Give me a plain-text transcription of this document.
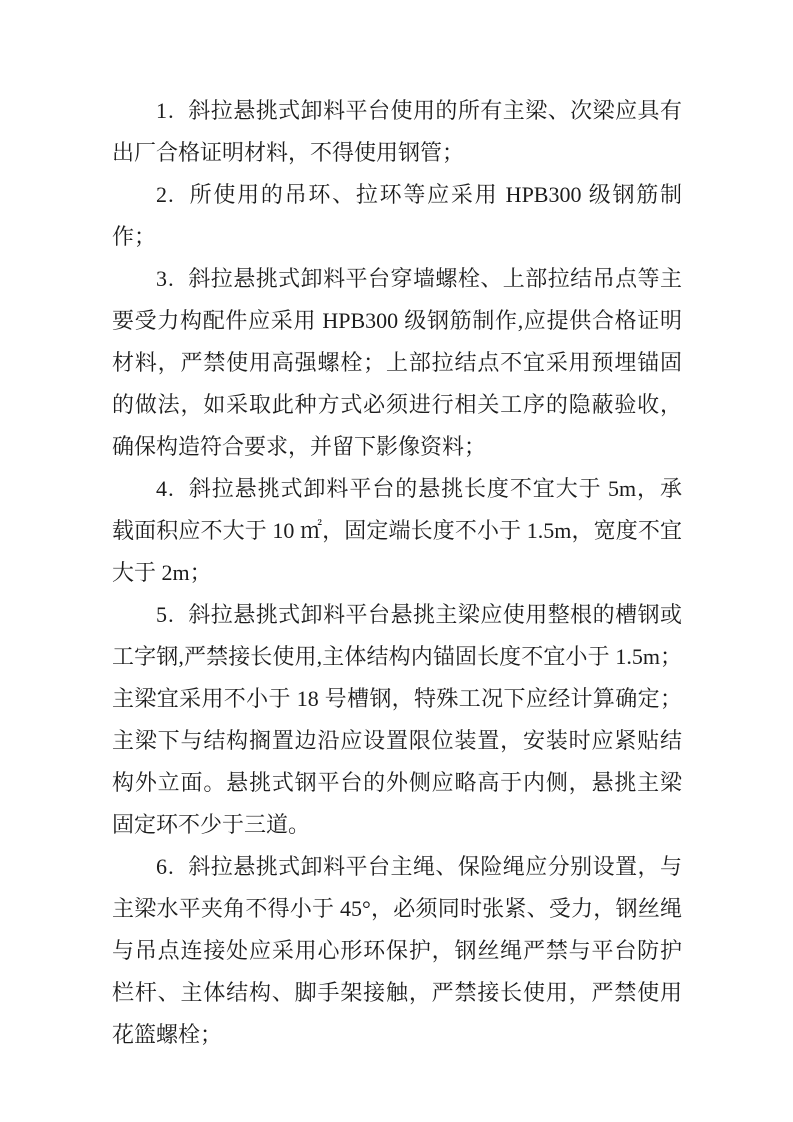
1. 斜拉悬挑式卸料平台使用的所有主梁、次梁应具有出厂合格证明材料，不得使用钢管；

2. 所使用的吊环、拉环等应采用 HPB300 级钢筋制作；

3. 斜拉悬挑式卸料平台穿墙螺栓、上部拉结吊点等主要受力构配件应采用 HPB300 级钢筋制作,应提供合格证明材料，严禁使用高强螺栓；上部拉结点不宜采用预埋锚固的做法，如采取此种方式必须进行相关工序的隐蔽验收，确保构造符合要求，并留下影像资料；

4. 斜拉悬挑式卸料平台的悬挑长度不宜大于 5m，承载面积应不大于 10 ㎡，固定端长度不小于 1.5m，宽度不宜大于 2m；

5. 斜拉悬挑式卸料平台悬挑主梁应使用整根的槽钢或工字钢,严禁接长使用,主体结构内锚固长度不宜小于 1.5m；主梁宜采用不小于 18 号槽钢，特殊工况下应经计算确定；主梁下与结构搁置边沿应设置限位装置，安装时应紧贴结构外立面。悬挑式钢平台的外侧应略高于内侧，悬挑主梁固定环不少于三道。

6. 斜拉悬挑式卸料平台主绳、保险绳应分别设置，与主梁水平夹角不得小于 45°，必须同时张紧、受力，钢丝绳与吊点连接处应采用心形环保护，钢丝绳严禁与平台防护栏杆、主体结构、脚手架接触，严禁接长使用，严禁使用花篮螺栓；
